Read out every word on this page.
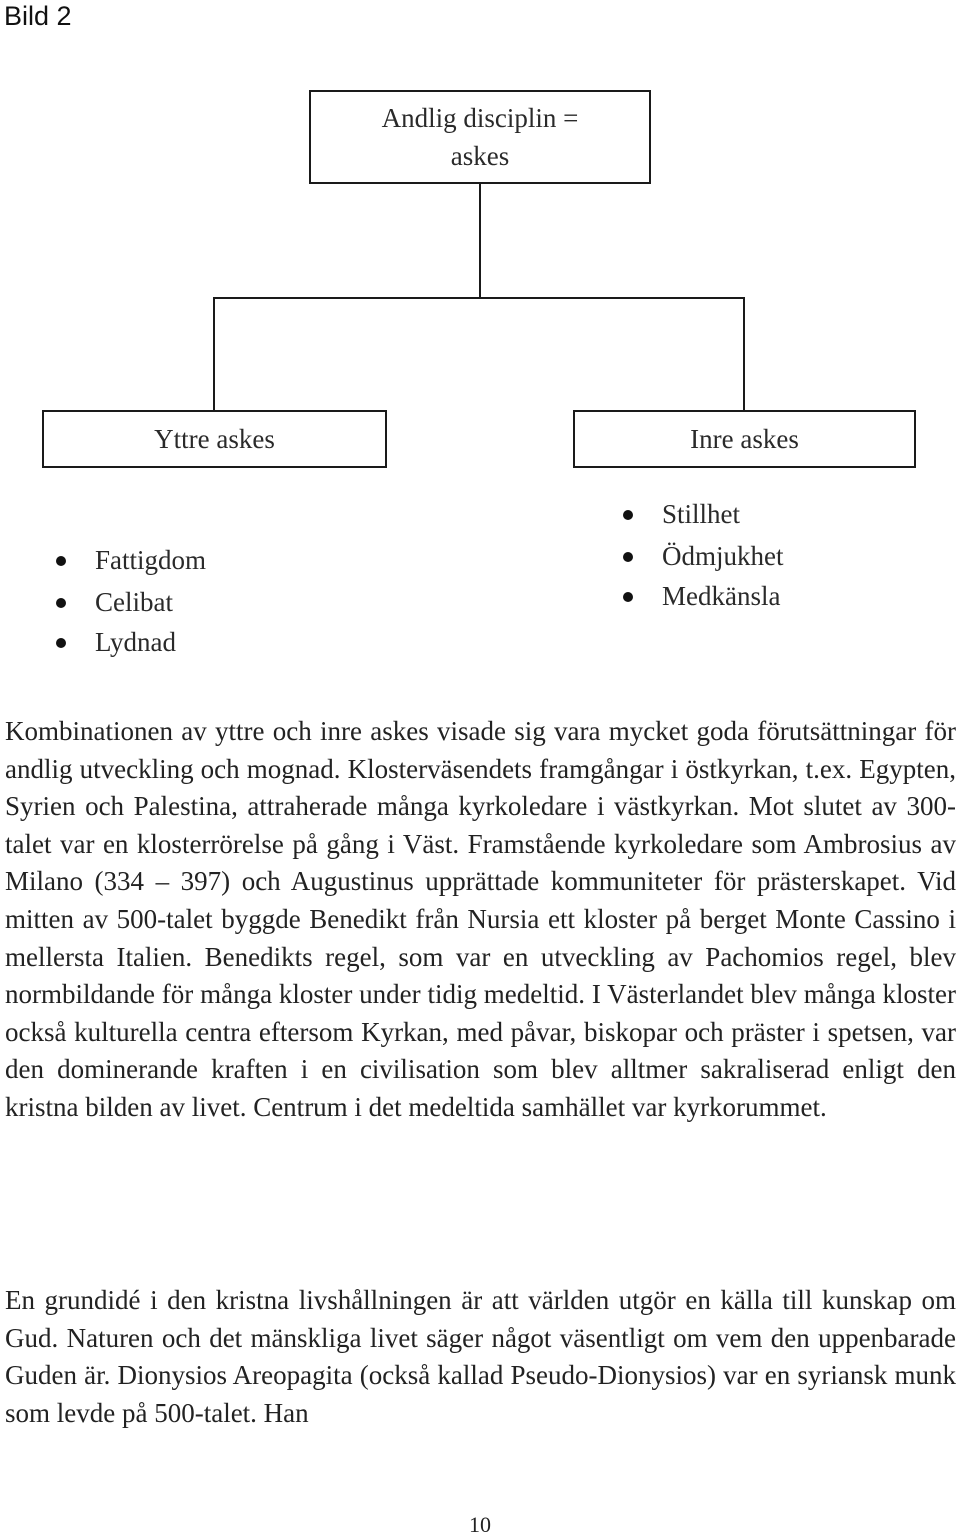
Bild 2
Andlig disciplin =
askes
Yttre askes	Inre askes
Fattigdom
Celibat
Lydnad
Stillhet
Ödmjukhet
Medkänsla

Kombinationen av yttre och inre askes visade sig vara mycket goda förutsättningar för andlig utveckling och mognad. Klosterväsendets framgångar i östkyrkan, t.ex. Egypten, Syrien och Palestina, attraherade många kyrkoledare i västkyrkan. Mot slutet av 300-talet var en klosterrörelse på gång i Väst. Framstående kyrkoledare som Ambrosius av Milano (334 – 397) och Augustinus upprättade kommuniteter för prästerskapet. Vid mitten av 500-talet byggde Benedikt från Nursia ett kloster på berget Monte Cassino i mellersta Italien. Benedikts regel, som var en utveckling av Pachomios regel, blev normbildande för många kloster under tidig medeltid. I Västerlandet blev många kloster också kulturella centra eftersom Kyrkan, med påvar, biskopar och präster i spetsen, var den dominerande kraften i en civilisation som blev alltmer sakraliserad enligt den kristna bilden av livet. Centrum i det medeltida samhället var kyrkorummet.

En grundidé i den kristna livshållningen är att världen utgör en källa till kunskap om Gud. Naturen och det mänskliga livet säger något väsentligt om vem den uppenbarade Guden är. Dionysios Areopagita (också kallad Pseudo-Dionysios) var en syriansk munk som levde på 500-talet. Han

10
